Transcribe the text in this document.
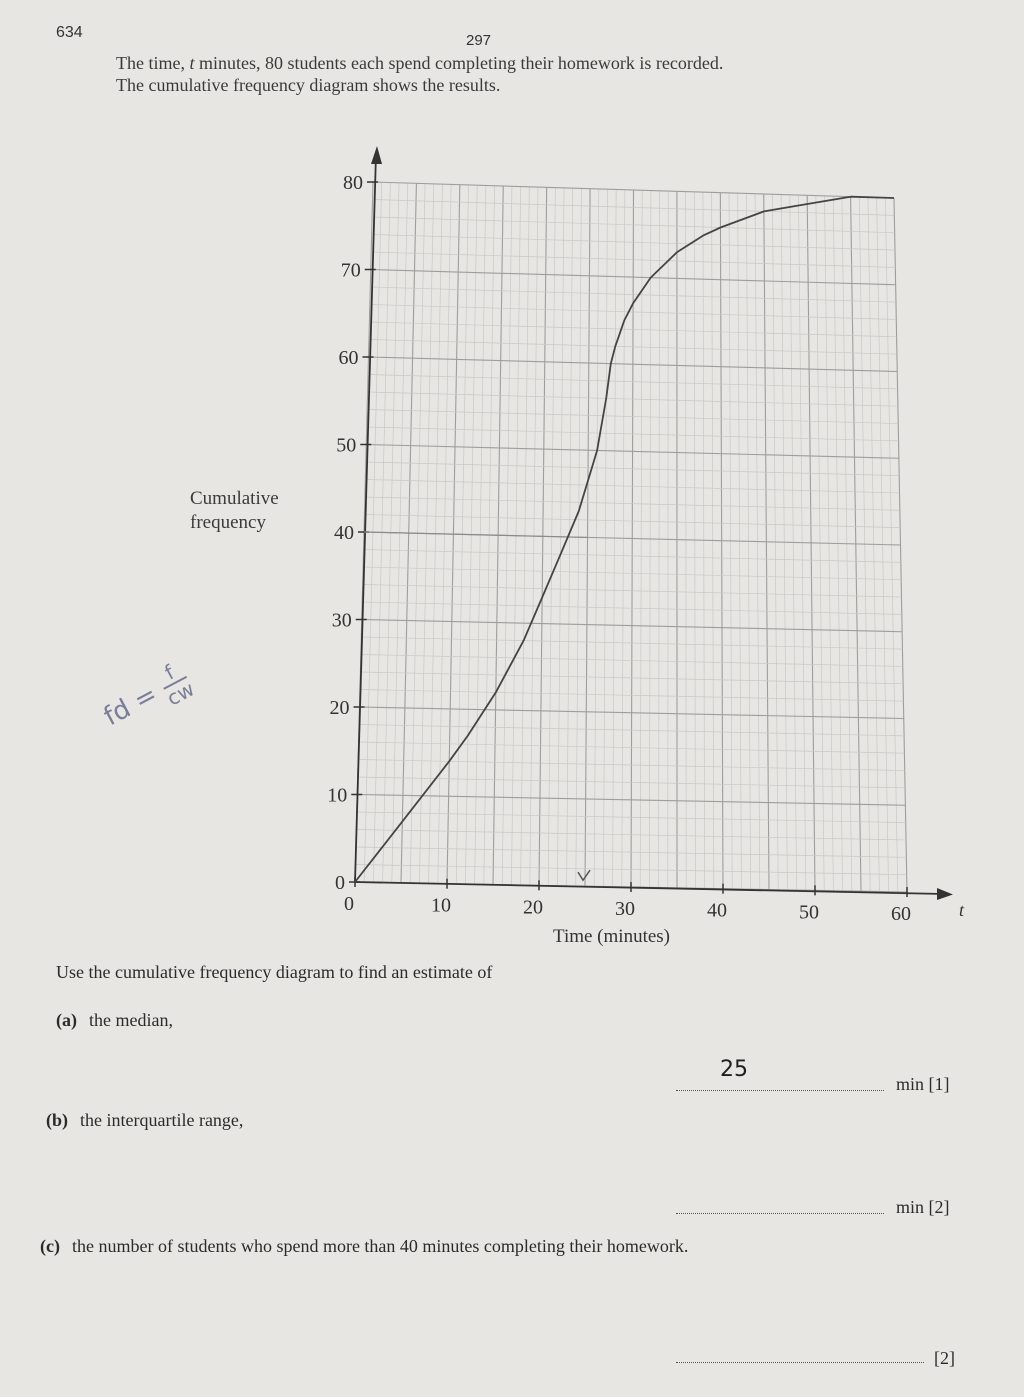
634	297

The time, t minutes, 80 students each spend completing their homework is recorded.

The cumulative frequency diagram shows the results.

Cumulative
frequency
fd =
f
cw
0	10	20	30	40	50	60
0
10
20
30
40
50
60
70
80
t
Time (minutes)
Use the cumulative frequency diagram to find an estimate of
(a) the median,
25
min [1]
(b) the interquartile range,
min [2]
(c) the number of students who spend more than 40 minutes completing their homework.
[2]
